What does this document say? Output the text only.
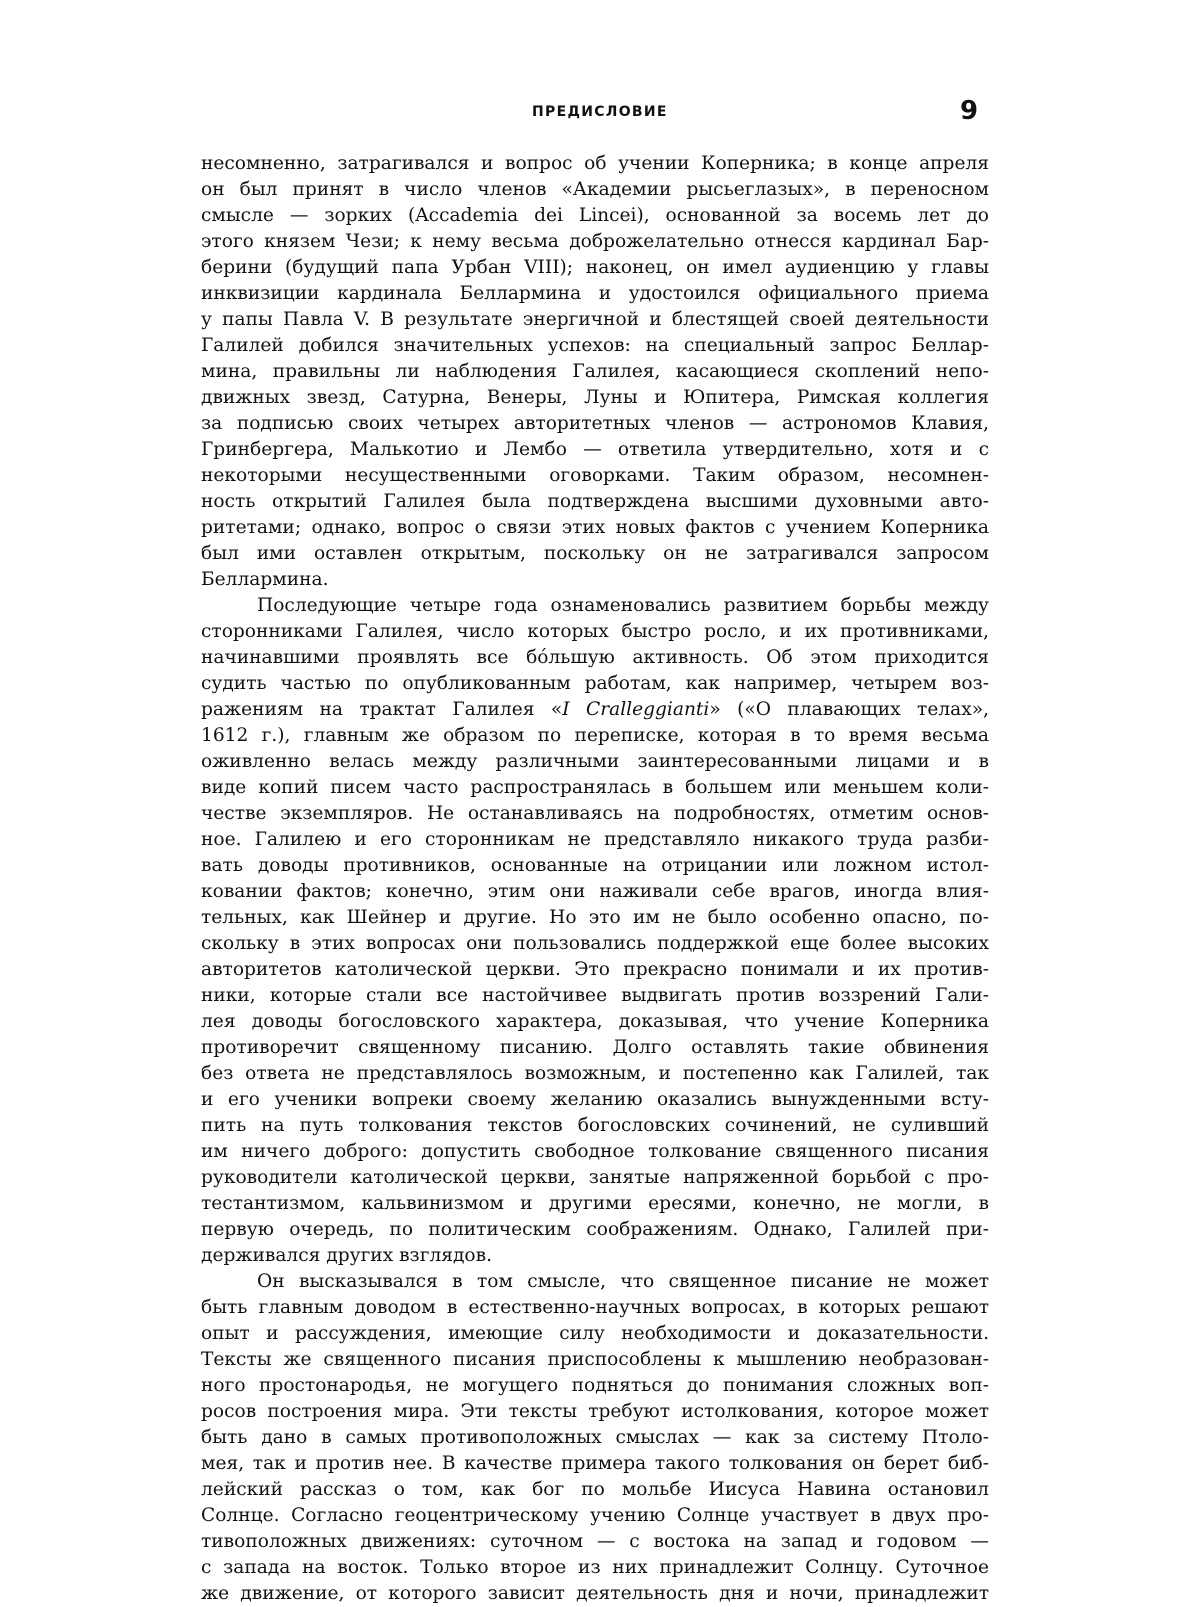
ПРЕДИСЛОВИЕ	9
несомненно, затрагивался и вопрос об учении Коперника; в конце апреля
он был принят в число членов «Академии рысьеглазых», в переносном
смысле — зорких (Accademia dei Lincei), основанной за восемь лет до
этого князем Чези; к нему весьма доброжелательно отнесся кардинал Бар-
берини (будущий папа Урбан VIII); наконец, он имел аудиенцию у главы
инквизиции кардинала Беллармина и удостоился официального приема
у папы Павла V. В результате энергичной и блестящей своей деятельности
Галилей добился значительных успехов: на специальный запрос Беллар-
мина, правильны ли наблюдения Галилея, касающиеся скоплений непо-
движных звезд, Сатурна, Венеры, Луны и Юпитера, Римская коллегия
за подписью своих четырех авторитетных членов — астрономов Клавия,
Гринбергера, Малькотио и Лембо — ответила утвердительно, хотя и с
некоторыми несущественными оговорками. Таким образом, несомнен-
ность открытий Галилея была подтверждена высшими духовными авто-
ритетами; однако, вопрос о связи этих новых фактов с учением Коперника
был ими оставлен открытым, поскольку он не затрагивался запросом
Беллармина.
Последующие четыре года ознаменовались развитием борьбы между
сторонниками Галилея, число которых быстро росло, и их противниками,
начинавшими проявлять все бóльшую активность. Об этом приходится
судить частью по опубликованным работам, как например, четырем воз-
ражениям на трактат Галилея «I Cralleggianti» («О плавающих телах»,
1612 г.), главным же образом по переписке, которая в то время весьма
оживленно велась между различными заинтересованными лицами и в
виде копий писем часто распространялась в большем или меньшем коли-
честве экземпляров. Не останавливаясь на подробностях, отметим основ-
ное. Галилею и его сторонникам не представляло никакого труда разби-
вать доводы противников, основанные на отрицании или ложном истол-
ковании фактов; конечно, этим они наживали себе врагов, иногда влия-
тельных, как Шейнер и другие. Но это им не было особенно опасно, по-
скольку в этих вопросах они пользовались поддержкой еще более высоких
авторитетов католической церкви. Это прекрасно понимали и их против-
ники, которые стали все настойчивее выдвигать против воззрений Гали-
лея доводы богословского характера, доказывая, что учение Коперника
противоречит священному писанию. Долго оставлять такие обвинения
без ответа не представлялось возможным, и постепенно как Галилей, так
и его ученики вопреки своему желанию оказались вынужденными всту-
пить на путь толкования текстов богословских сочинений, не суливший
им ничего доброго: допустить свободное толкование священного писания
руководители католической церкви, занятые напряженной борьбой с про-
тестантизмом, кальвинизмом и другими ересями, конечно, не могли, в
первую очередь, по политическим соображениям. Однако, Галилей при-
держивался других взглядов.
Он высказывался в том смысле, что священное писание не может
быть главным доводом в естественно-научных вопросах, в которых решают
опыт и рассуждения, имеющие силу необходимости и доказательности.
Тексты же священного писания приспособлены к мышлению необразован-
ного простонародья, не могущего подняться до понимания сложных воп-
росов построения мира. Эти тексты требуют истолкования, которое может
быть дано в самых противоположных смыслах — как за систему Птоло-
мея, так и против нее. В качестве примера такого толкования он берет биб-
лейский рассказ о том, как бог по мольбе Иисуса Навина остановил
Солнце. Согласно геоцентрическому учению Солнце участвует в двух про-
тивоположных движениях: суточном — с востока на запад и годовом —
с запада на восток. Только второе из них принадлежит Солнцу. Суточное
же движение, от которого зависит деятельность дня и ночи, принадлежит
